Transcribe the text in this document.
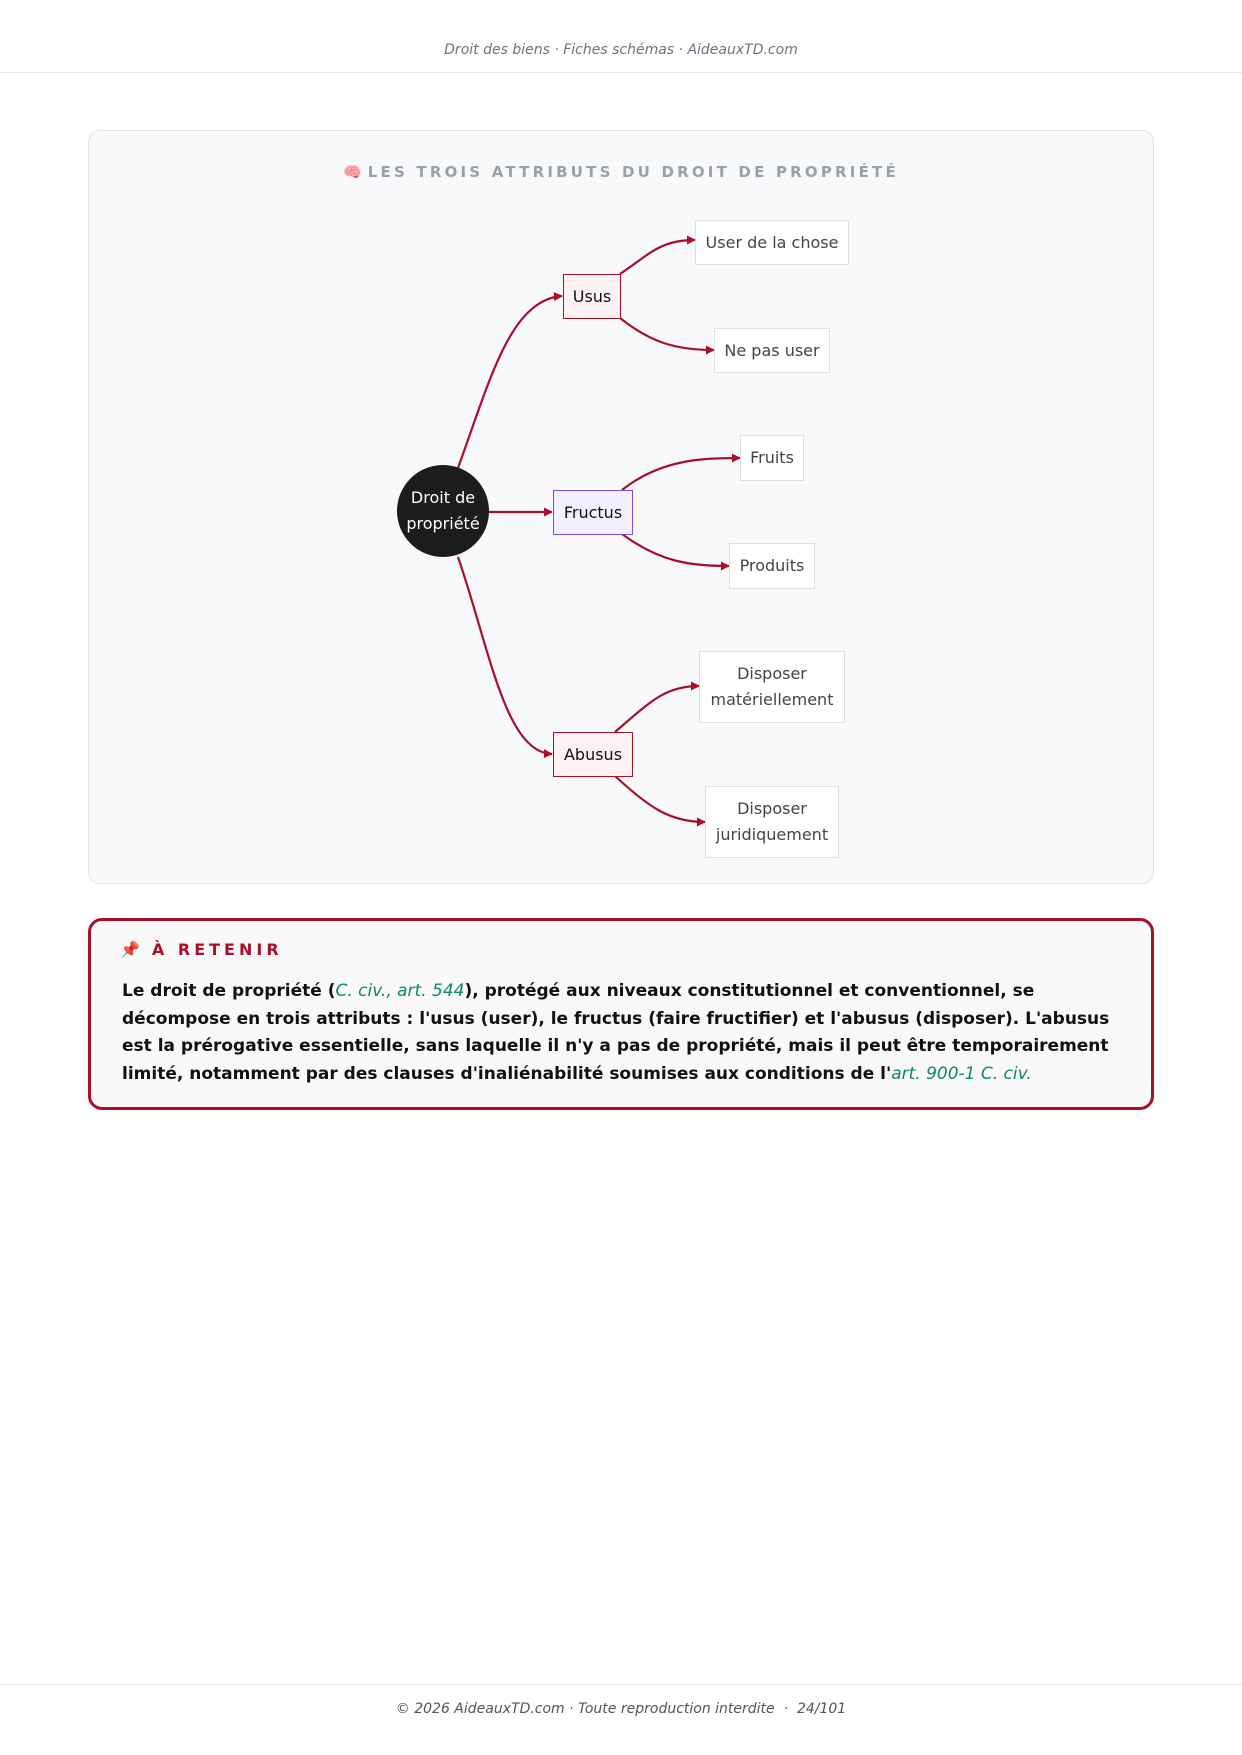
Droit des biens · Fiches schémas · AideauxTD.com
🧠 LES TROIS ATTRIBUTS DU DROIT DE PROPRIÉTÉ
Droit de
propriété
Usus
Fructus
Abusus
User de la chose
Ne pas user
Fruits
Produits
Disposer
matériellement
Disposer
juridiquement
📌 À RETENIR
Le droit de propriété (C. civ., art. 544), protégé aux niveaux constitutionnel et conventionnel, se décompose en trois attributs : l'usus (user), le fructus (faire fructifier) et l'abusus (disposer). L'abusus est la prérogative essentielle, sans laquelle il n'y a pas de propriété, mais il peut être temporairement limité, notamment par des clauses d'inaliénabilité soumises aux conditions de l'art. 900-1 C. civ.
© 2026 AideauxTD.com · Toute reproduction interdite · 24/101
